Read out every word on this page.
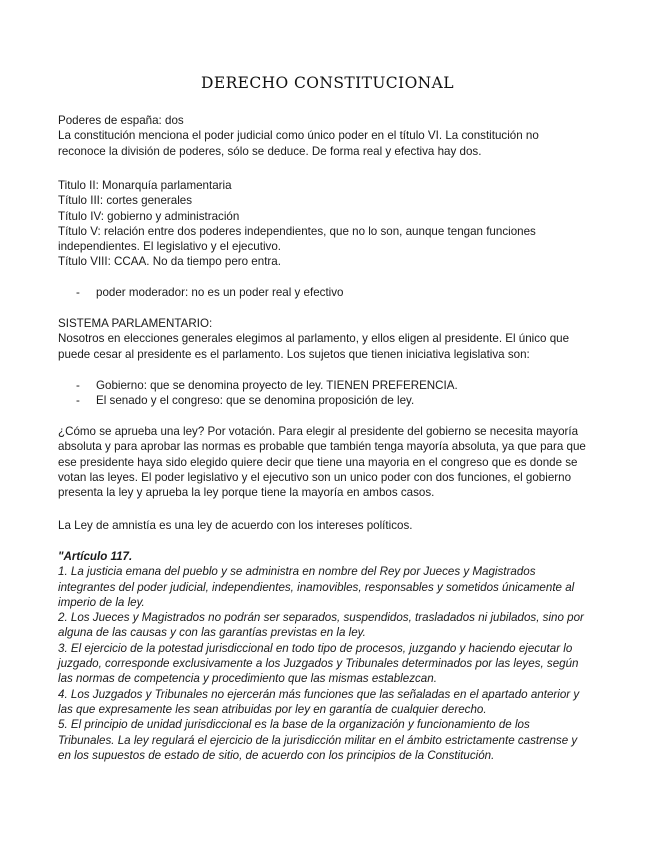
DERECHO CONSTITUCIONAL
Poderes de españa: dos
La constitución menciona el poder judicial como único poder en el título VI. La constitución no
reconoce la división de poderes, sólo se deduce. De forma real y efectiva hay dos.
Titulo II: Monarquía parlamentaria
Título III: cortes generales
Título IV: gobierno y administración
Título V: relación entre dos poderes independientes, que no lo son, aunque tengan funciones
independientes. El legislativo y el ejecutivo.
Título VIII: CCAA. No da tiempo pero entra.
- poder moderador: no es un poder real y efectivo
SISTEMA PARLAMENTARIO:
Nosotros en elecciones generales elegimos al parlamento, y ellos eligen al presidente. El único que
puede cesar al presidente es el parlamento. Los sujetos que tienen iniciativa legislativa son:
- Gobierno: que se denomina proyecto de ley. TIENEN PREFERENCIA.
- El senado y el congreso: que se denomina proposición de ley.
¿Cómo se aprueba una ley? Por votación. Para elegir al presidente del gobierno se necesita mayoría
absoluta y para aprobar las normas es probable que también tenga mayoría absoluta, ya que para que
ese presidente haya sido elegido quiere decir que tiene una mayoria en el congreso que es donde se
votan las leyes. El poder legislativo y el ejecutivo son un unico poder con dos funciones, el gobierno
presenta la ley y aprueba la ley porque tiene la mayoría en ambos casos.
La Ley de amnistía es una ley de acuerdo con los intereses políticos.
"Artículo 117.
1. La justicia emana del pueblo y se administra en nombre del Rey por Jueces y Magistrados
integrantes del poder judicial, independientes, inamovibles, responsables y sometidos únicamente al
imperio de la ley.
2. Los Jueces y Magistrados no podrán ser separados, suspendidos, trasladados ni jubilados, sino por
alguna de las causas y con las garantías previstas en la ley.
3. El ejercicio de la potestad jurisdiccional en todo tipo de procesos, juzgando y haciendo ejecutar lo
juzgado, corresponde exclusivamente a los Juzgados y Tribunales determinados por las leyes, según
las normas de competencia y procedimiento que las mismas establezcan.
4. Los Juzgados y Tribunales no ejercerán más funciones que las señaladas en el apartado anterior y
las que expresamente les sean atribuidas por ley en garantía de cualquier derecho.
5. El principio de unidad jurisdiccional es la base de la organización y funcionamiento de los
Tribunales. La ley regulará el ejercicio de la jurisdicción militar en el ámbito estrictamente castrense y
en los supuestos de estado de sitio, de acuerdo con los principios de la Constitución.
